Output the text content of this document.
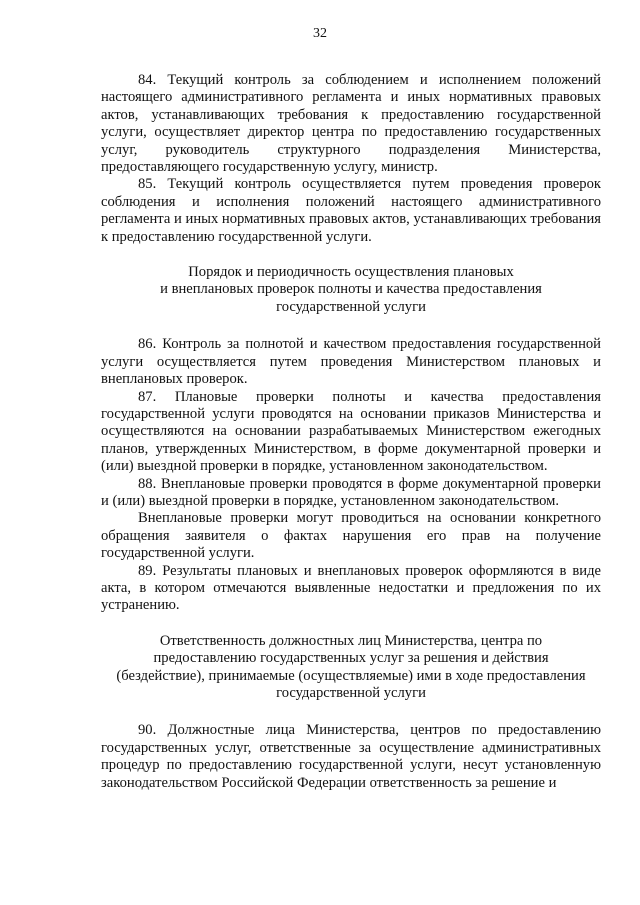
32

84. Текущий контроль за соблюдением и исполнением положений настоящего административного регламента и иных нормативных правовых актов, устанавливающих требования к предоставлению государственной услуги, осуществляет директор центра по предоставлению государственных услуг, руководитель структурного подразделения Министерства, предоставляющего государственную услугу, министр.

85. Текущий контроль осуществляется путем проведения проверок соблюдения и исполнения положений настоящего административного регламента и иных нормативных правовых актов, устанавливающих требования к предоставлению государственной услуги.

Порядок и периодичность осуществления плановых
и внеплановых проверок полноты и качества предоставления
государственной услуги

86. Контроль за полнотой и качеством предоставления государственной услуги осуществляется путем проведения Министерством плановых и внеплановых проверок.

87. Плановые проверки полноты и качества предоставления государственной услуги проводятся на основании приказов Министерства и осуществляются на основании разрабатываемых Министерством ежегодных планов, утвержденных Министерством, в форме документарной проверки и (или) выездной проверки в порядке, установленном законодательством.

88. Внеплановые проверки проводятся в форме документарной проверки и (или) выездной проверки в порядке, установленном законодательством.

Внеплановые проверки могут проводиться на основании конкретного обращения заявителя о фактах нарушения его прав на получение государственной услуги.

89. Результаты плановых и внеплановых проверок оформляются в виде акта, в котором отмечаются выявленные недостатки и предложения по их устранению.

Ответственность должностных лиц Министерства, центра по
предоставлению государственных услуг за решения и действия
(бездействие), принимаемые (осуществляемые) ими в ходе предоставления
государственной услуги

90. Должностные лица Министерства, центров по предоставлению государственных услуг, ответственные за осуществление административных процедур по предоставлению государственной услуги, несут установленную законодательством Российской Федерации ответственность за решение и
